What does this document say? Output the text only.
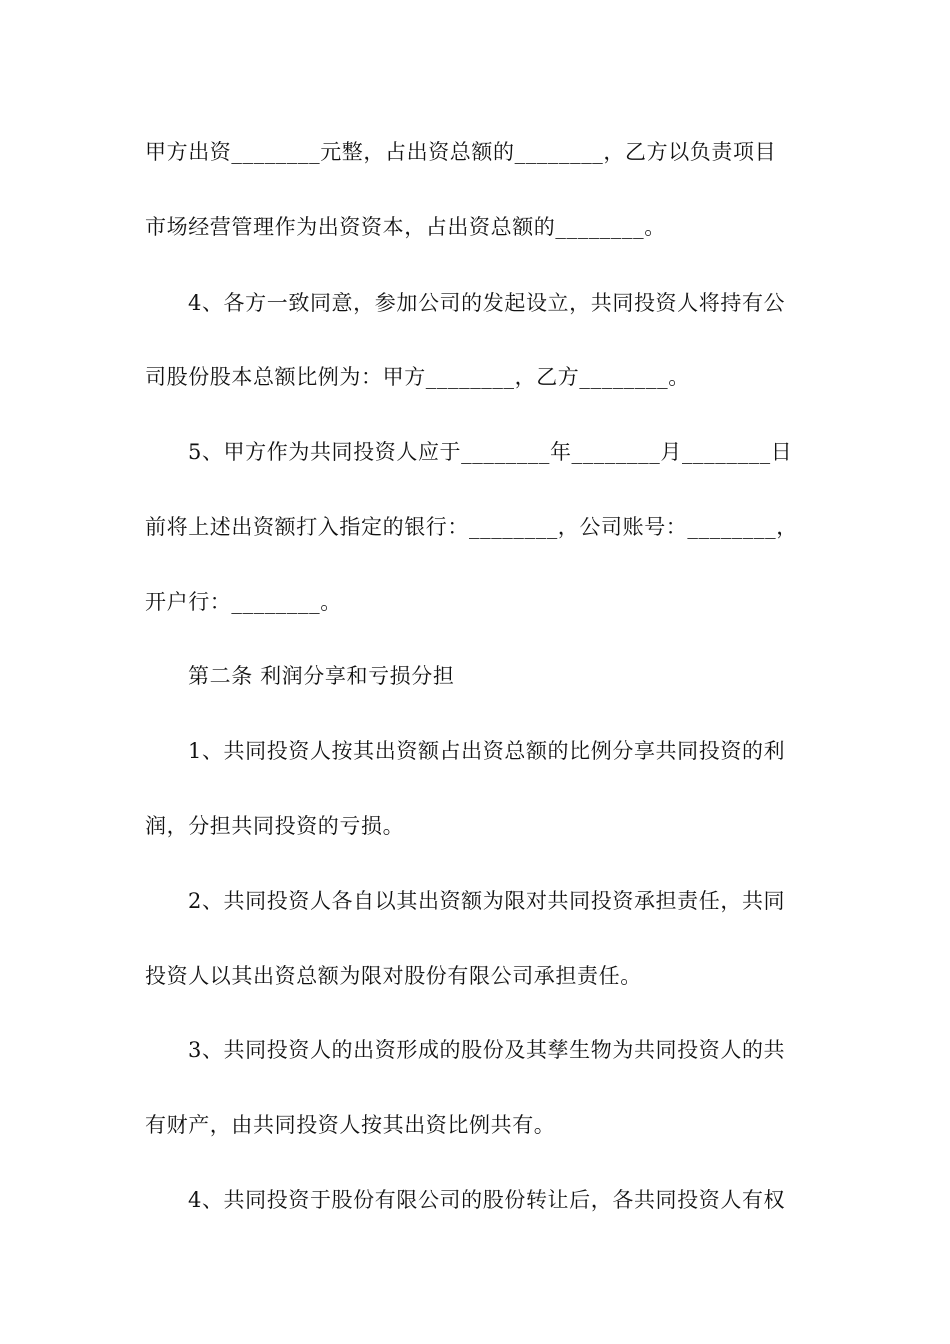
甲方出资________元整，占出资总额的________，乙方以负责项目
市场经营管理作为出资资本，占出资总额的________。
4、各方一致同意，参加公司的发起设立，共同投资人将持有公
司股份股本总额比例为：甲方________，乙方________。
5、甲方作为共同投资人应于________年________月________日
前将上述出资额打入指定的银行：________，公司账号：________，
开户行：________。
第二条 利润分享和亏损分担
1、共同投资人按其出资额占出资总额的比例分享共同投资的利
润，分担共同投资的亏损。
2、共同投资人各自以其出资额为限对共同投资承担责任，共同
投资人以其出资总额为限对股份有限公司承担责任。
3、共同投资人的出资形成的股份及其孳生物为共同投资人的共
有财产，由共同投资人按其出资比例共有。
4、共同投资于股份有限公司的股份转让后，各共同投资人有权
